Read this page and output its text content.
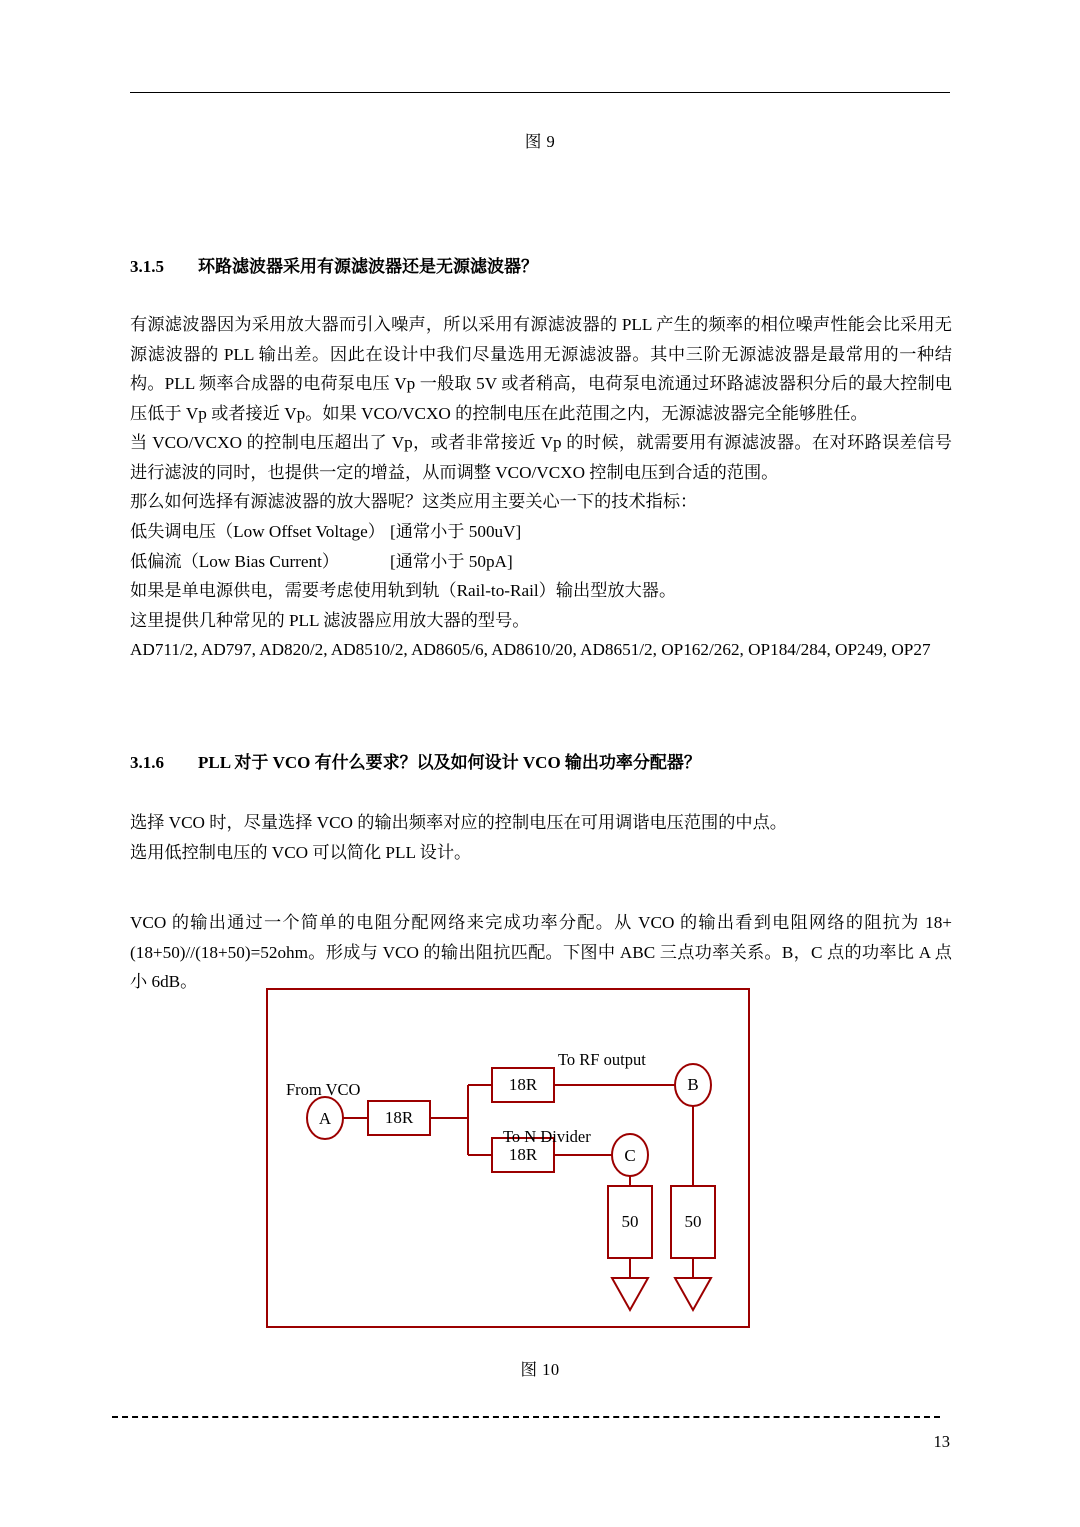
图 9
3.1.5 环路滤波器采用有源滤波器还是无源滤波器？

有源滤波器因为采用放大器而引入噪声，所以采用有源滤波器的 PLL 产生的频率的相位噪声性能会比采用无源滤波器的 PLL 输出差。因此在设计中我们尽量选用无源滤波器。其中三阶无源滤波器是最常用的一种结构。PLL 频率合成器的电荷泵电压 Vp 一般取 5V 或者稍高，电荷泵电流通过环路滤波器积分后的最大控制电压低于 Vp 或者接近 Vp。如果 VCO/VCXO 的控制电压在此范围之内，无源滤波器完全能够胜任。

当 VCO/VCXO 的控制电压超出了 Vp，或者非常接近 Vp 的时候，就需要用有源滤波器。在对环路误差信号进行滤波的同时，也提供一定的增益，从而调整 VCO/VCXO 控制电压到合适的范围。

那么如何选择有源滤波器的放大器呢？这类应用主要关心一下的技术指标：

低失调电压（Low Offset Voltage） [通常小于 500uV]
低偏流（Low Bias Current）	[通常小于 50pA]

如果是单电源供电，需要考虑使用轨到轨（Rail-to-Rail）输出型放大器。

这里提供几种常见的 PLL 滤波器应用放大器的型号。

AD711/2, AD797, AD820/2, AD8510/2, AD8605/6, AD8610/20, AD8651/2, OP162/262, OP184/284, OP249, OP27

3.1.6 PLL 对于 VCO 有什么要求？以及如何设计 VCO 输出功率分配器？

选择 VCO 时，尽量选择 VCO 的输出频率对应的控制电压在可用调谐电压范围的中点。

选用低控制电压的 VCO 可以简化 PLL 设计。

VCO 的输出通过一个简单的电阻分配网络来完成功率分配。从 VCO 的输出看到电阻网络的阻抗为 18+(18+50)//(18+50)=52ohm。形成与 VCO 的输出阻抗匹配。下图中 ABC 三点功率关系。B，C 点的功率比 A 点小 6dB。

A
B
C
18R
18R
18R
50	50
From VCO
To RF output
To N Divider
图 10
13
